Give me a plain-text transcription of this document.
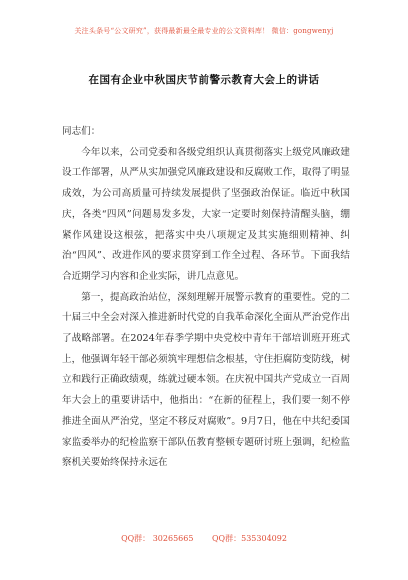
关注头条号“公文研究”，获得最新最全最专业的公文资料库！ 微信：gongwenyj
在国有企业中秋国庆节前警示教育大会上的讲话

同志们：

今年以来，公司党委和各级党组织认真贯彻落实上级党风廉政建设工作部署，从严从实加强党风廉政建设和反腐败工作，取得了明显成效，为公司高质量可持续发展提供了坚强政治保证。临近中秋国庆，各类“四风”问题易发多发，大家一定要时刻保持清醒头脑，绷紧作风建设这根弦，把落实中央八项规定及其实施细则精神、纠治“四风”、改进作风的要求贯穿到工作全过程、各环节。下面我结合近期学习内容和企业实际，讲几点意见。

第一，提高政治站位，深刻理解开展警示教育的重要性。党的二十届三中全会对深入推进新时代党的自我革命深化全面从严治党作出了战略部署。在2024年春季学期中央党校中青年干部培训班开班式上，他强调年轻干部必须筑牢理想信念根基，守住拒腐防变防线，树立和践行正确政绩观，练就过硬本领。在庆祝中国共产党成立一百周年大会上的重要讲话中，他指出：“在新的征程上，我们要一刻不停推进全面从严治党，坚定不移反对腐败”。9月7日，他在中共纪委国家监委举办的纪检监察干部队伍教育整顿专题研讨班上强调，纪检监察机关要始终保持永远在

QQ群： 30265665 QQ群：535304092
